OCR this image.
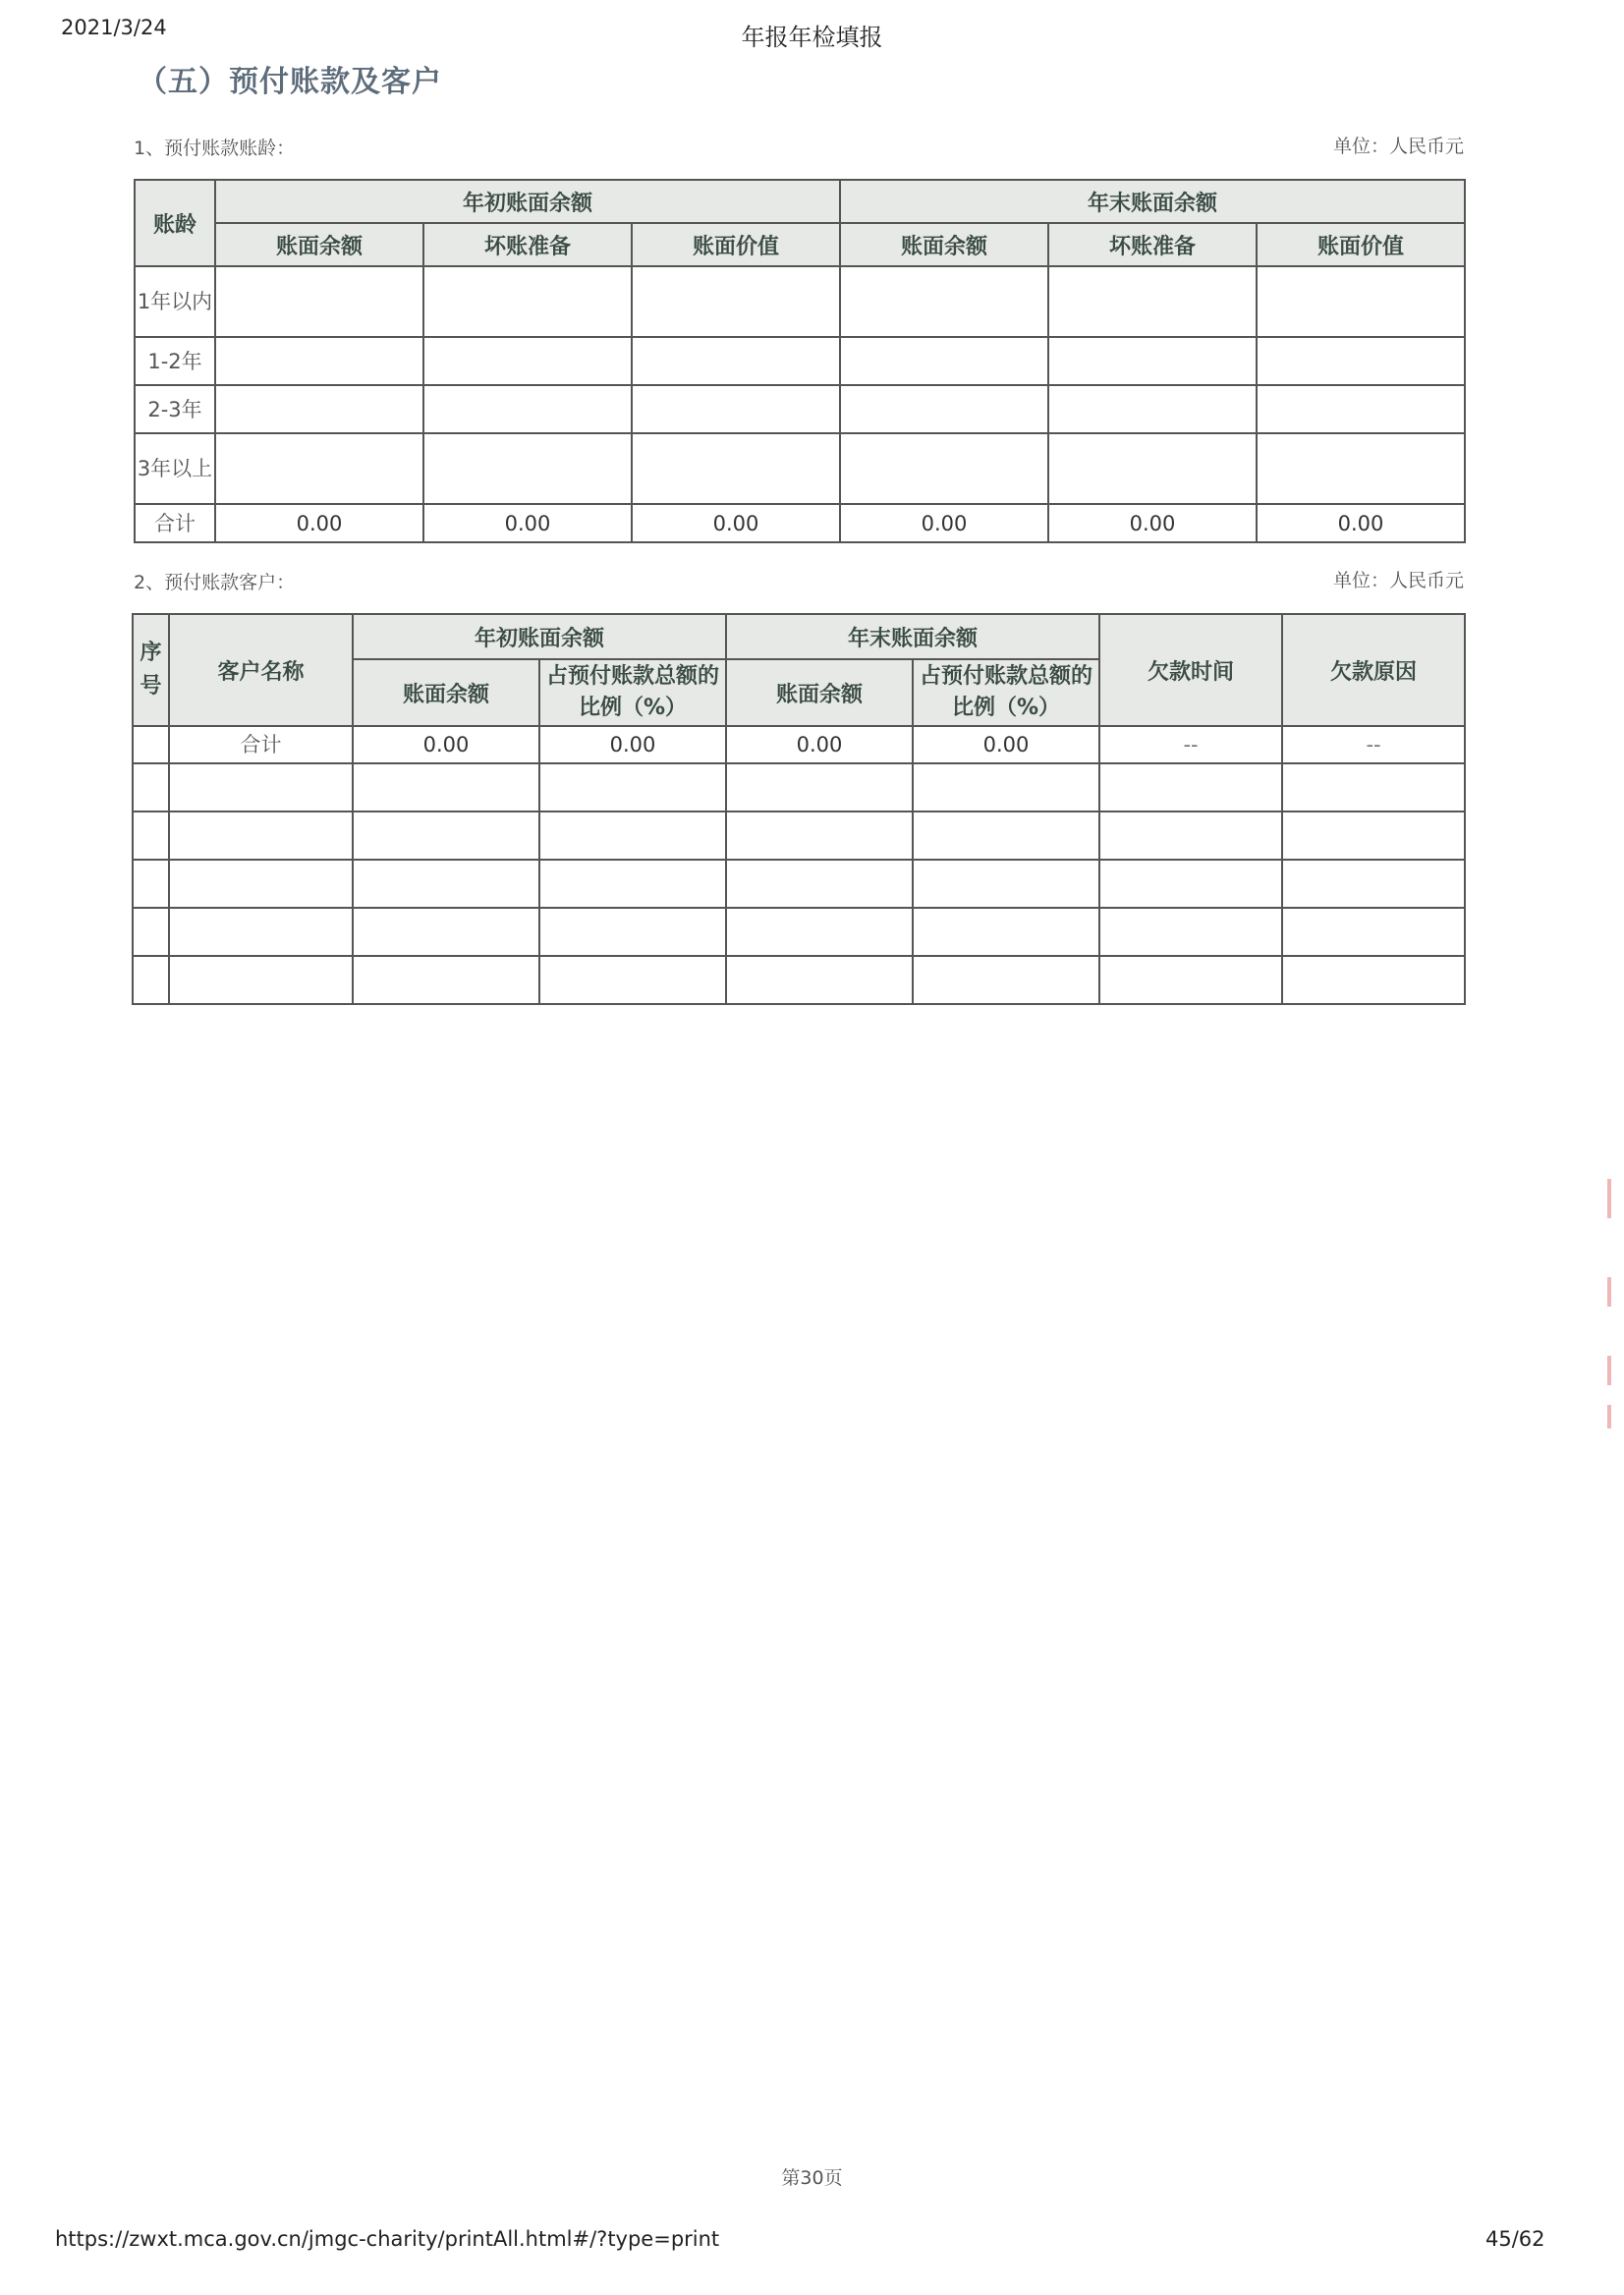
2021/3/24	年报年检填报
（五）预付账款及客户
1、预付账款账龄：	单位：人民币元
账龄	年初账面余额			年末账面余额		
	账面余额	坏账准备	账面价值	账面余额	坏账准备	账面价值
1年以内						
1-2年						
2-3年						
3年以上						
合计	0.00	0.00	0.00	0.00	0.00	0.00
2、预付账款客户：	单位：人民币元
序号	客户名称	年初账面余额		年末账面余额		欠款时间	欠款原因
		账面余额	占预付账款总额的比例（%）	账面余额	占预付账款总额的比例（%）		
	合计	0.00	0.00	0.00	0.00	--	--

第30页
https://zwxt.mca.gov.cn/jmgc-charity/printAll.html#/?type=print	45/62
